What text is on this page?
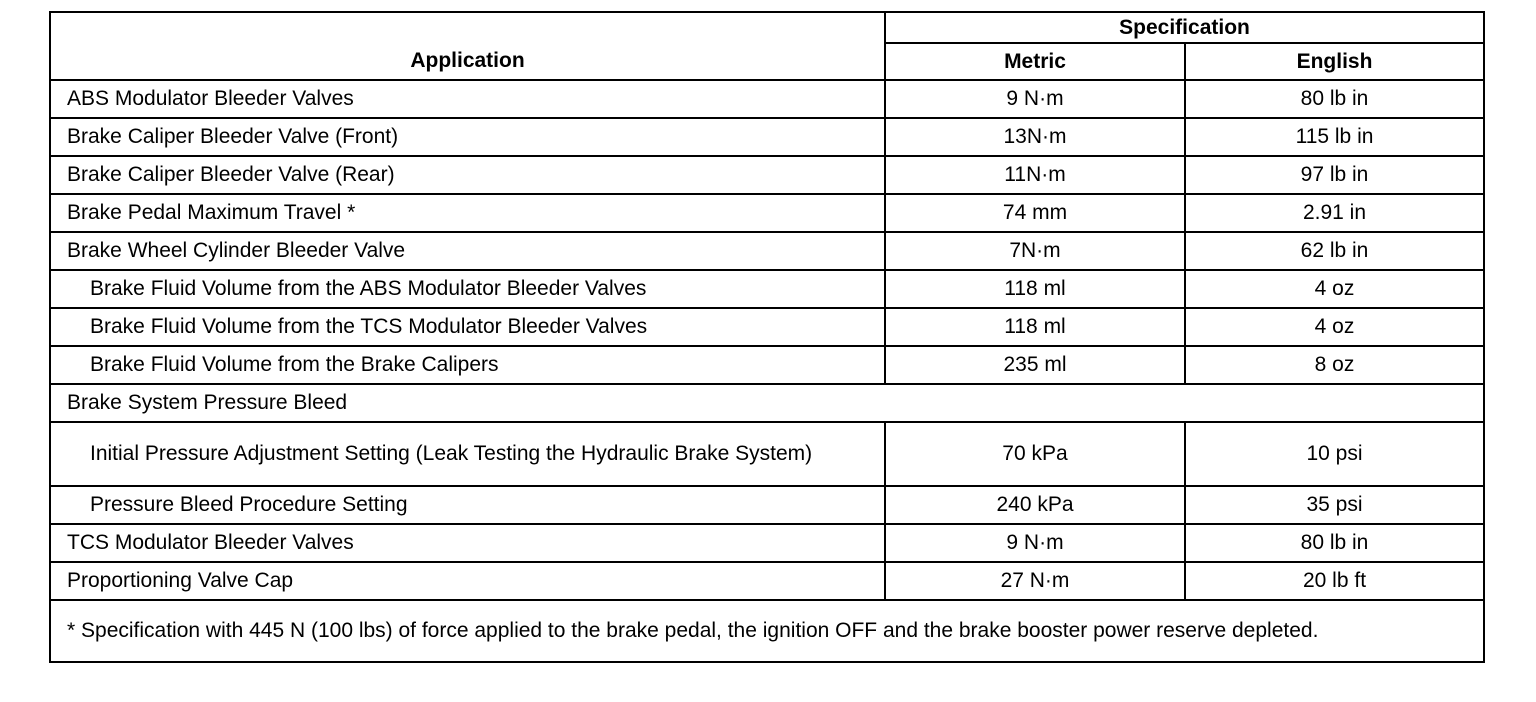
Application	Specification	
	Metric	English
ABS Modulator Bleeder Valves	9 N·m	80 lb in
Brake Caliper Bleeder Valve (Front)	13N·m	115 lb in
Brake Caliper Bleeder Valve (Rear)	11N·m	97 lb in
Brake Pedal Maximum Travel *	74 mm	2.91 in
Brake Wheel Cylinder Bleeder Valve	7N·m	62 lb in
Brake Fluid Volume from the ABS Modulator Bleeder Valves	118 ml	4 oz
Brake Fluid Volume from the TCS Modulator Bleeder Valves	118 ml	4 oz
Brake Fluid Volume from the Brake Calipers	235 ml	8 oz
Brake System Pressure Bleed		
Initial Pressure Adjustment Setting (Leak Testing the Hydraulic Brake System)	70 kPa	10 psi
Pressure Bleed Procedure Setting	240 kPa	35 psi
TCS Modulator Bleeder Valves	9 N·m	80 lb in
Proportioning Valve Cap	27 N·m	20 lb ft
* Specification with 445 N (100 lbs) of force applied to the brake pedal, the ignition OFF and the brake booster power reserve depleted.		
